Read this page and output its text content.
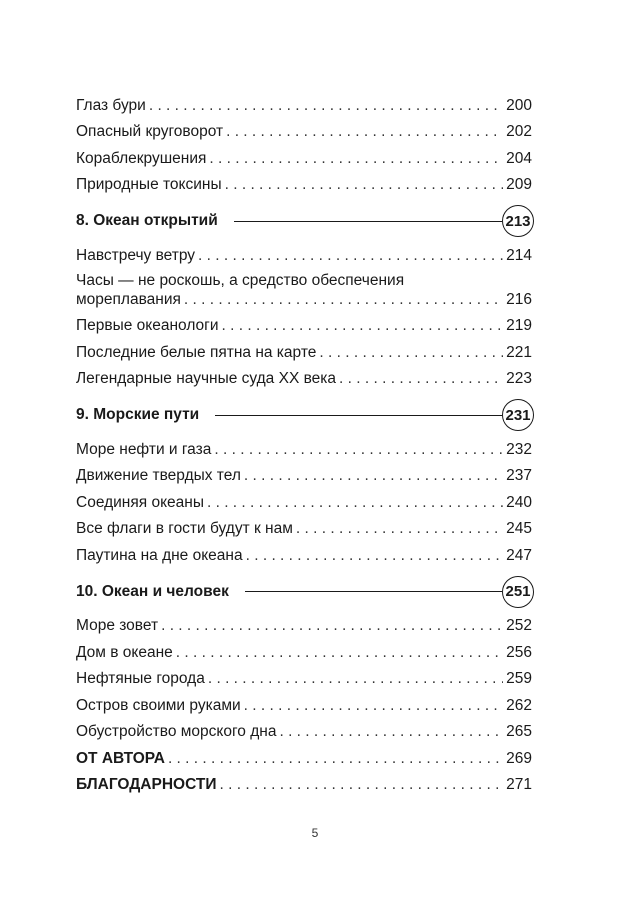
Глаз бури . . .	200
Опасный круговорот . . .	202
Кораблекрушения . . .	204
Природные токсины . . .	209
8. Океан открытий	213
Навстречу ветру . . .	214
Часы — не роскошь, а средство обеспечения
мореплавания . . .	216
Первые океанологи . . .	219
Последние белые пятна на карте . . .	221
Легендарные научные суда XX века . . .	223
9. Морские пути	231
Море нефти и газа . . .	232
Движение твердых тел . . .	237
Соединяя океаны . . .	240
Все флаги в гости будут к нам . . .	245
Паутина на дне океана . . .	247
10. Океан и человек	251
Море зовет . . .	252
Дом в океане . . .	256
Нефтяные города . . .	259
Остров своими руками . . .	262
Обустройство морского дна . . .	265
ОТ АВТОРА . . .	269
БЛАГОДАРНОСТИ . . .	271
5
